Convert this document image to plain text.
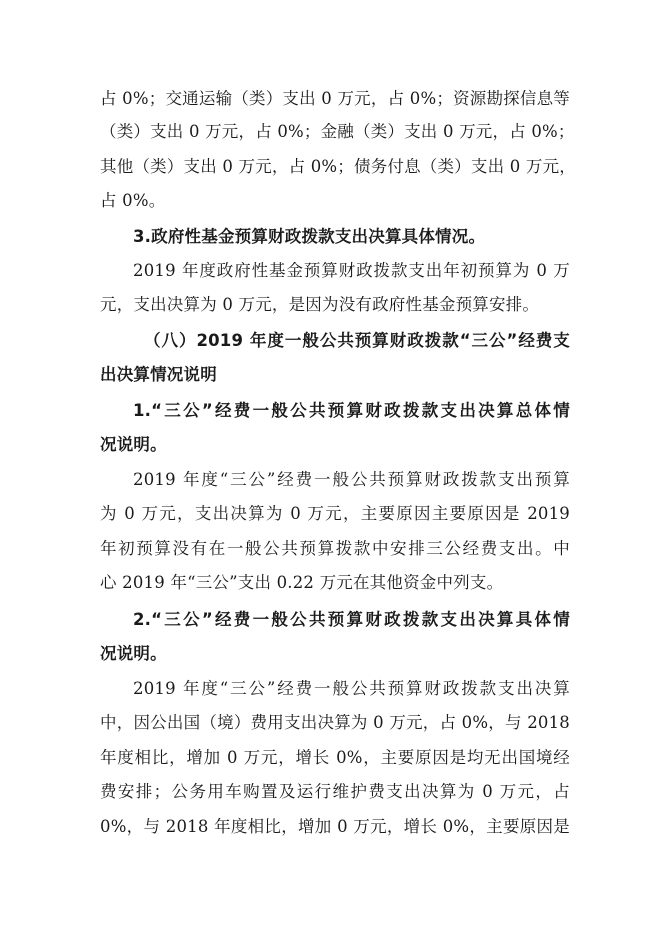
占 0%；交通运输（类）支出 0 万元，占 0%；资源勘探信息等
（类）支出 0 万元，占 0%；金融（类）支出 0 万元，占 0%；
其他（类）支出 0 万元，占 0%；债务付息（类）支出 0 万元，
占 0%。
3.政府性基金预算财政拨款支出决算具体情况。
2019 年度政府性基金预算财政拨款支出年初预算为 0 万
元，支出决算为 0 万元，是因为没有政府性基金预算安排。
（八）2019 年度一般公共预算财政拨款“三公”经费支
出决算情况说明
1.“三公”经费一般公共预算财政拨款支出决算总体情
况说明。
2019 年度“三公”经费一般公共预算财政拨款支出预算
为 0 万元，支出决算为 0 万元，主要原因主要原因是 2019
年初预算没有在一般公共预算拨款中安排三公经费支出。中
心 2019 年“三公”支出 0.22 万元在其他资金中列支。
2.“三公”经费一般公共预算财政拨款支出决算具体情
况说明。
2019 年度“三公”经费一般公共预算财政拨款支出决算
中，因公出国（境）费用支出决算为 0 万元，占 0%，与 2018
年度相比，增加 0 万元，增长 0%，主要原因是均无出国境经
费安排；公务用车购置及运行维护费支出决算为 0 万元，占
0%，与 2018 年度相比，增加 0 万元，增长 0%，主要原因是
